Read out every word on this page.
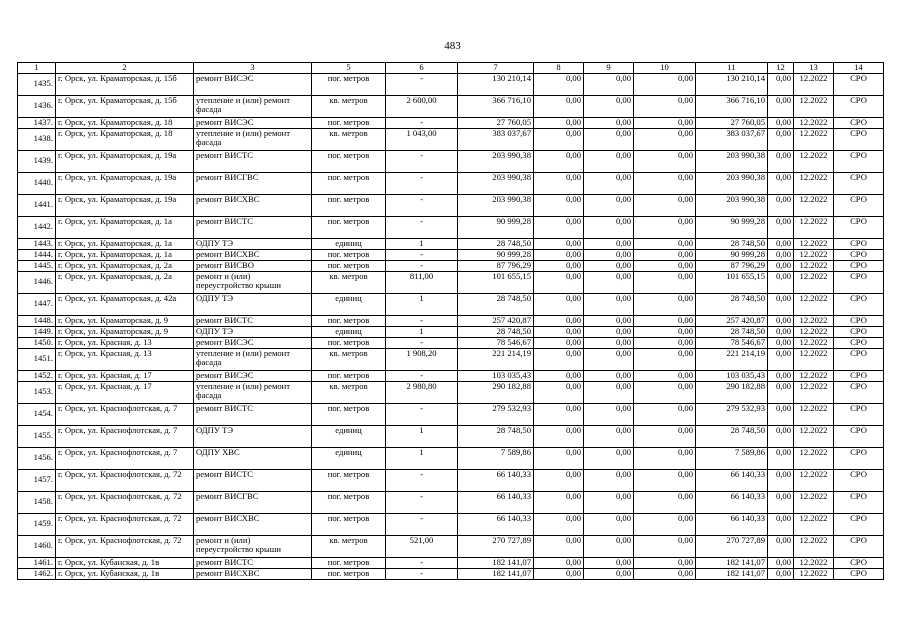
483
1	2	3	5	6	7	8	9	10	11	12	13	14
1435.	г. Орск, ул. Краматорская, д. 15б	ремонт ВИСЭС	пог. метров	-	130 210,14	0,00	0,00	0,00	130 210,14	0,00	12.2022	СРО
1436.	г. Орск, ул. Краматорская, д. 15б	утепление и (или) ремонт фасада	кв. метров	2 600,00	366 716,10	0,00	0,00	0,00	366 716,10	0,00	12.2022	СРО
1437.	г. Орск, ул. Краматорская, д. 18	ремонт ВИСЭС	пог. метров	-	27 760,05	0,00	0,00	0,00	27 760,05	0,00	12.2022	СРО
1438.	г. Орск, ул. Краматорская, д. 18	утепление и (или) ремонт фасада	кв. метров	1 043,00	383 037,67	0,00	0,00	0,00	383 037,67	0,00	12.2022	СРО
1439.	г. Орск, ул. Краматорская, д. 19а	ремонт ВИСТС	пог. метров	-	203 990,38	0,00	0,00	0,00	203 990,38	0,00	12.2022	СРО
1440.	г. Орск, ул. Краматорская, д. 19а	ремонт ВИСГВС	пог. метров	-	203 990,38	0,00	0,00	0,00	203 990,38	0,00	12.2022	СРО
1441.	г. Орск, ул. Краматорская, д. 19а	ремонт ВИСХВС	пог. метров	-	203 990,38	0,00	0,00	0,00	203 990,38	0,00	12.2022	СРО
1442.	г. Орск, ул. Краматорская, д. 1а	ремонт ВИСТС	пог. метров	-	90 999,28	0,00	0,00	0,00	90 999,28	0,00	12.2022	СРО
1443.	г. Орск, ул. Краматорская, д. 1а	ОДПУ ТЭ	единиц	1	28 748,50	0,00	0,00	0,00	28 748,50	0,00	12.2022	СРО
1444.	г. Орск, ул. Краматорская, д. 1а	ремонт ВИСХВС	пог. метров	-	90 999,28	0,00	0,00	0,00	90 999,28	0,00	12.2022	СРО
1445.	г. Орск, ул. Краматорская, д. 2а	ремонт ВИСВО	пог. метров	-	87 796,29	0,00	0,00	0,00	87 796,29	0,00	12.2022	СРО
1446.	г. Орск, ул. Краматорская, д. 2а	ремонт и (или) переустройство крыши	кв. метров	811,00	101 655,15	0,00	0,00	0,00	101 655,15	0,00	12.2022	СРО
1447.	г. Орск, ул. Краматорская, д. 42а	ОДПУ ТЭ	единиц	1	28 748,50	0,00	0,00	0,00	28 748,50	0,00	12.2022	СРО
1448.	г. Орск, ул. Краматорская, д. 9	ремонт ВИСТС	пог. метров	-	257 420,87	0,00	0,00	0,00	257 420,87	0,00	12.2022	СРО
1449.	г. Орск, ул. Краматорская, д. 9	ОДПУ ТЭ	единиц	1	28 748,50	0,00	0,00	0,00	28 748,50	0,00	12.2022	СРО
1450.	г. Орск, ул. Красная, д. 13	ремонт ВИСЭС	пог. метров	-	78 546,67	0,00	0,00	0,00	78 546,67	0,00	12.2022	СРО
1451.	г. Орск, ул. Красная, д. 13	утепление и (или) ремонт фасада	кв. метров	1 908,20	221 214,19	0,00	0,00	0,00	221 214,19	0,00	12.2022	СРО
1452.	г. Орск, ул. Красная, д. 17	ремонт ВИСЭС	пог. метров	-	103 035,43	0,00	0,00	0,00	103 035,43	0,00	12.2022	СРО
1453.	г. Орск, ул. Красная, д. 17	утепление и (или) ремонт фасада	кв. метров	2 980,80	290 182,88	0,00	0,00	0,00	290 182,88	0,00	12.2022	СРО
1454.	г. Орск, ул. Краснофлотская, д. 7	ремонт ВИСТС	пог. метров	-	279 532,93	0,00	0,00	0,00	279 532,93	0,00	12.2022	СРО
1455.	г. Орск, ул. Краснофлотская, д. 7	ОДПУ ТЭ	единиц	1	28 748,50	0,00	0,00	0,00	28 748,50	0,00	12.2022	СРО
1456.	г. Орск, ул. Краснофлотская, д. 7	ОДПУ ХВС	единиц	1	7 589,86	0,00	0,00	0,00	7 589,86	0,00	12.2022	СРО
1457.	г. Орск, ул. Краснофлотская, д. 72	ремонт ВИСТС	пог. метров	-	66 140,33	0,00	0,00	0,00	66 140,33	0,00	12.2022	СРО
1458.	г. Орск, ул. Краснофлотская, д. 72	ремонт ВИСГВС	пог. метров	-	66 140,33	0,00	0,00	0,00	66 140,33	0,00	12.2022	СРО
1459.	г. Орск, ул. Краснофлотская, д. 72	ремонт ВИСХВС	пог. метров	-	66 140,33	0,00	0,00	0,00	66 140,33	0,00	12.2022	СРО
1460.	г. Орск, ул. Краснофлотская, д. 72	ремонт и (или) переустройство крыши	кв. метров	521,00	270 727,89	0,00	0,00	0,00	270 727,89	0,00	12.2022	СРО
1461.	г. Орск, ул. Кубанская, д. 1в	ремонт ВИСТС	пог. метров	-	182 141,07	0,00	0,00	0,00	182 141,07	0,00	12.2022	СРО
1462.	г. Орск, ул. Кубанская, д. 1в	ремонт ВИСХВС	пог. метров	-	182 141,07	0,00	0,00	0,00	182 141,07	0,00	12.2022	СРО
